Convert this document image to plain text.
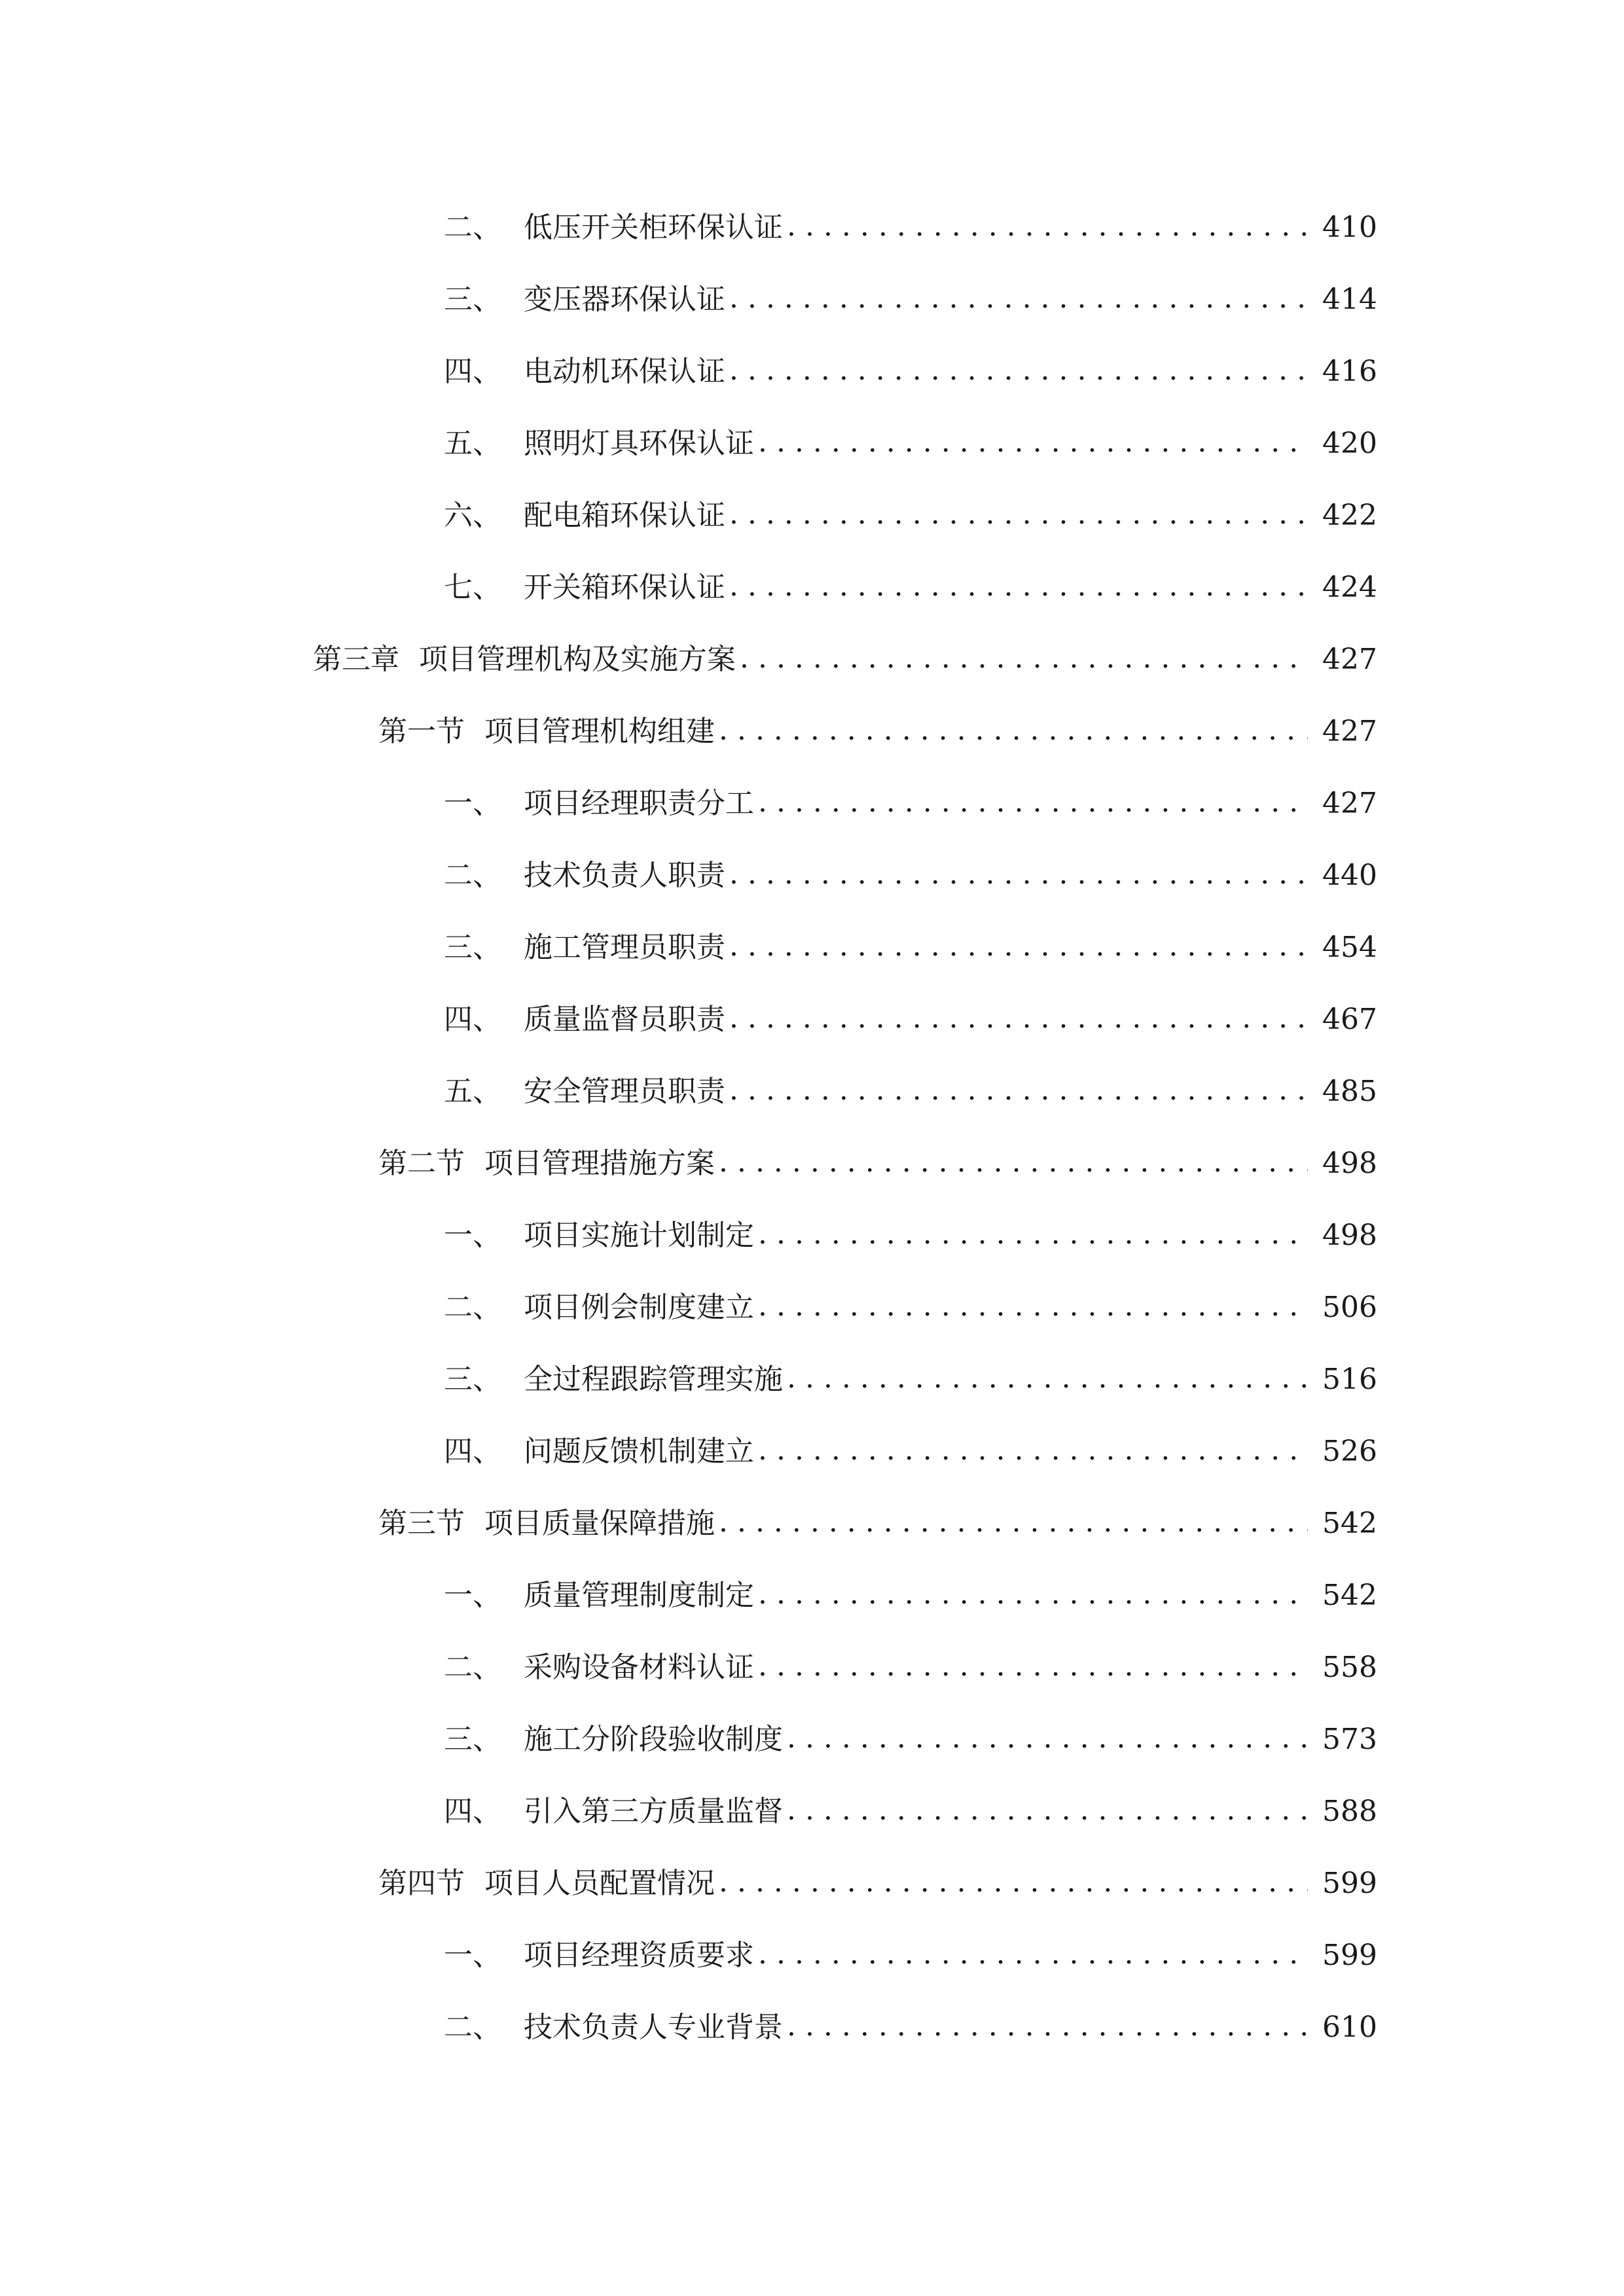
二、 低压开关柜环保认证 . . .	410
三、 变压器环保认证 . . .	414
四、 电动机环保认证 . . .	416
五、 照明灯具环保认证 . . .	420
六、 配电箱环保认证 . . .	422
七、 开关箱环保认证 . . .	424
第三章 项目管理机构及实施方案 . . .	427
第一节 项目管理机构组建 . . .	427
一、 项目经理职责分工 . . .	427
二、 技术负责人职责 . . .	440
三、 施工管理员职责 . . .	454
四、 质量监督员职责 . . .	467
五、 安全管理员职责 . . .	485
第二节 项目管理措施方案 . . .	498
一、 项目实施计划制定 . . .	498
二、 项目例会制度建立 . . .	506
三、 全过程跟踪管理实施 . . .	516
四、 问题反馈机制建立 . . .	526
第三节 项目质量保障措施 . . .	542
一、 质量管理制度制定 . . .	542
二、 采购设备材料认证 . . .	558
三、 施工分阶段验收制度 . . .	573
四、 引入第三方质量监督 . . .	588
第四节 项目人员配置情况 . . .	599
一、 项目经理资质要求 . . .	599
二、 技术负责人专业背景 . . .	610
